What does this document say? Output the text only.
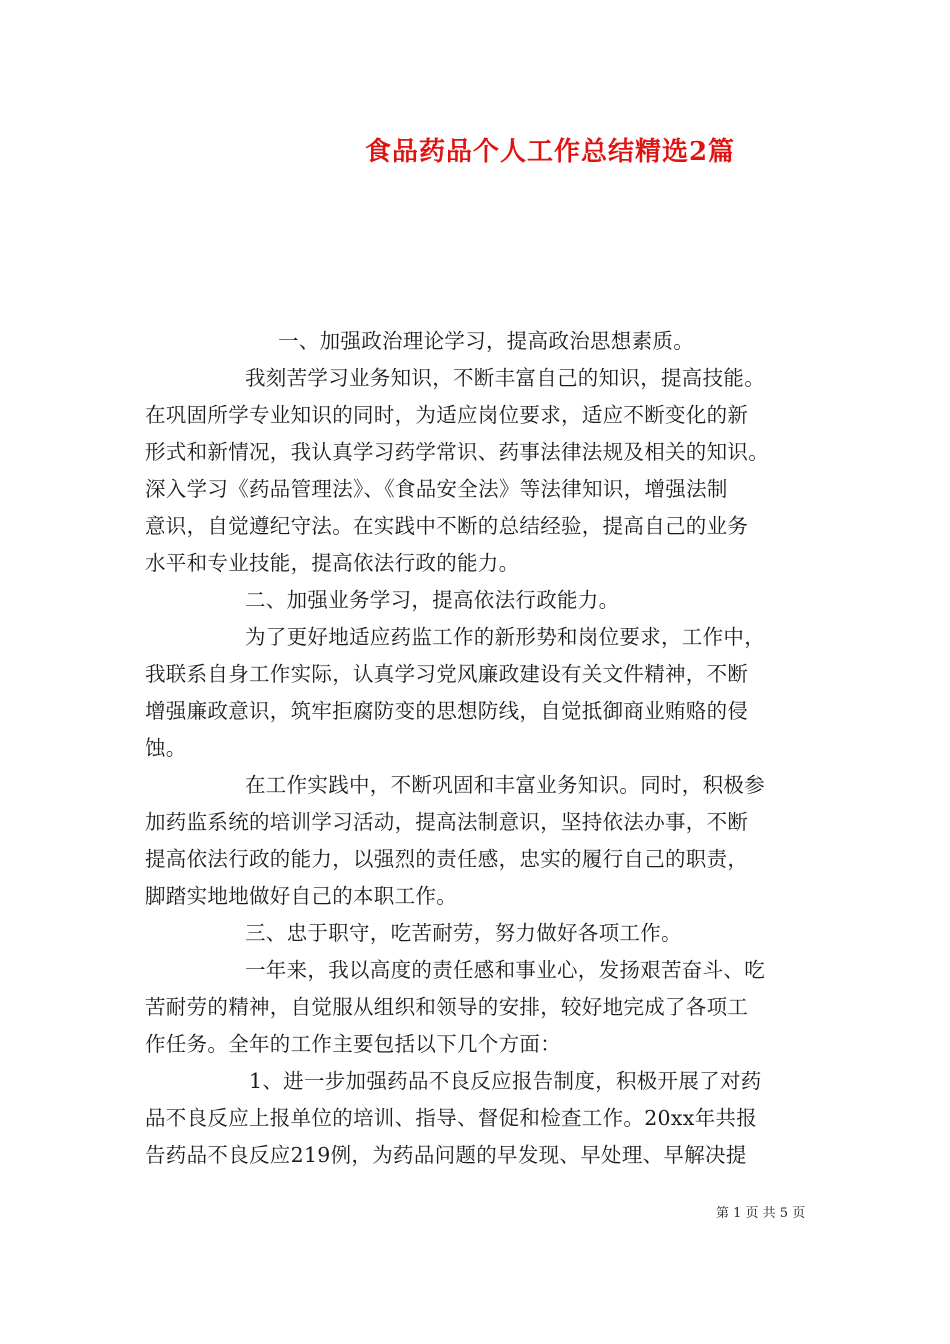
食品药品个人工作总结精选2篇
一、加强政治理论学习，提高政治思想素质。
我刻苦学习业务知识，不断丰富自己的知识，提高技能。
在巩固所学专业知识的同时，为适应岗位要求，适应不断变化的新
形式和新情况，我认真学习药学常识、药事法律法规及相关的知识。
深入学习《药品管理法》、《食品安全法》等法律知识，增强法制
意识，自觉遵纪守法。在实践中不断的总结经验，提高自己的业务
水平和专业技能，提高依法行政的能力。
二、加强业务学习，提高依法行政能力。
为了更好地适应药监工作的新形势和岗位要求，工作中，
我联系自身工作实际，认真学习党风廉政建设有关文件精神，不断
增强廉政意识，筑牢拒腐防变的思想防线，自觉抵御商业贿赂的侵
蚀。
在工作实践中，不断巩固和丰富业务知识。同时，积极参
加药监系统的培训学习活动，提高法制意识，坚持依法办事，不断
提高依法行政的能力，以强烈的责任感，忠实的履行自己的职责，
脚踏实地地做好自己的本职工作。
三、忠于职守，吃苦耐劳，努力做好各项工作。
一年来，我以高度的责任感和事业心，发扬艰苦奋斗、吃
苦耐劳的精神，自觉服从组织和领导的安排，较好地完成了各项工
作任务。全年的工作主要包括以下几个方面：
1、进一步加强药品不良反应报告制度，积极开展了对药
品不良反应上报单位的培训、指导、督促和检查工作。20xx年共报
告药品不良反应219例，为药品问题的早发现、早处理、早解决提
第 1 页 共 5 页
